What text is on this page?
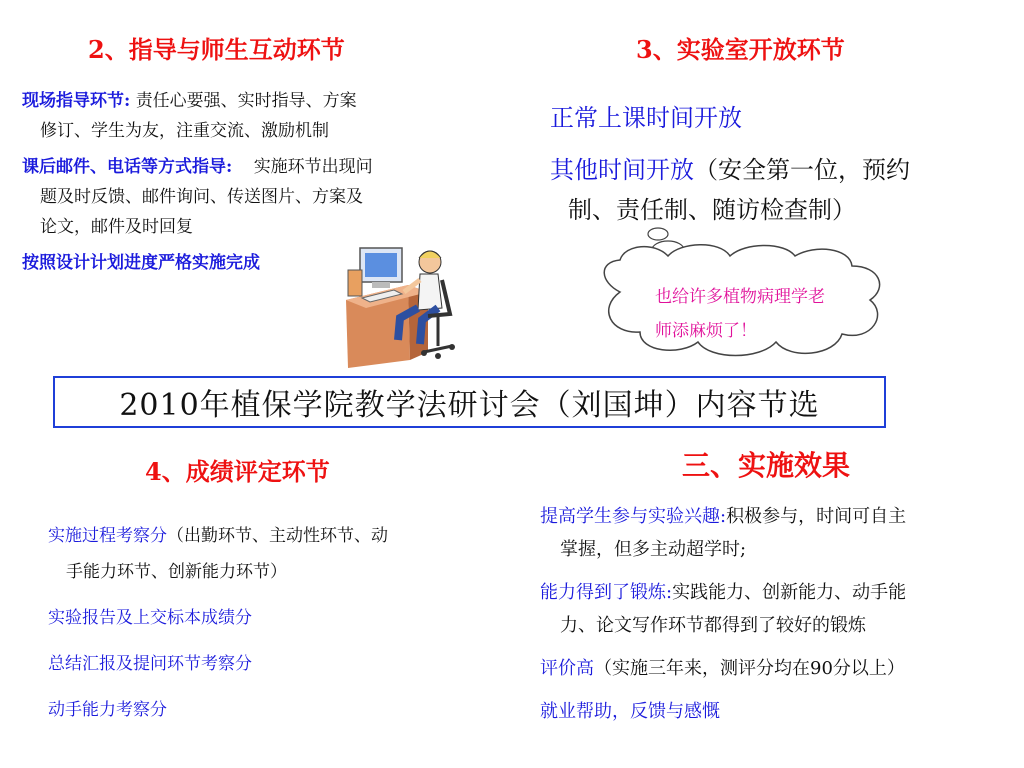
2、指导与师生互动环节
现场指导环节: 责任心要强、实时指导、方案
修订、学生为友，注重交流、激励机制
课后邮件、电话等方式指导: 实施环节出现问
题及时反馈、邮件询问、传送图片、方案及
论文，邮件及时回复
按照设计计划进度严格实施完成
3、实验室开放环节
正常上课时间开放
其他时间开放（安全第一位，预约
制、责任制、随访检查制）
也给许多植物病理学老
师添麻烦了！
2010年植保学院教学法研讨会（刘国坤）内容节选
4、成绩评定环节
实施过程考察分（出勤环节、主动性环节、动
手能力环节、创新能力环节）
实验报告及上交标本成绩分
总结汇报及提问环节考察分
动手能力考察分
三、实施效果
提高学生参与实验兴趣:积极参与，时间可自主
掌握，但多主动超学时;
能力得到了锻炼:实践能力、创新能力、动手能
力、论文写作环节都得到了较好的锻炼
评价高（实施三年来，测评分均在90分以上）
就业帮助，反馈与感慨
